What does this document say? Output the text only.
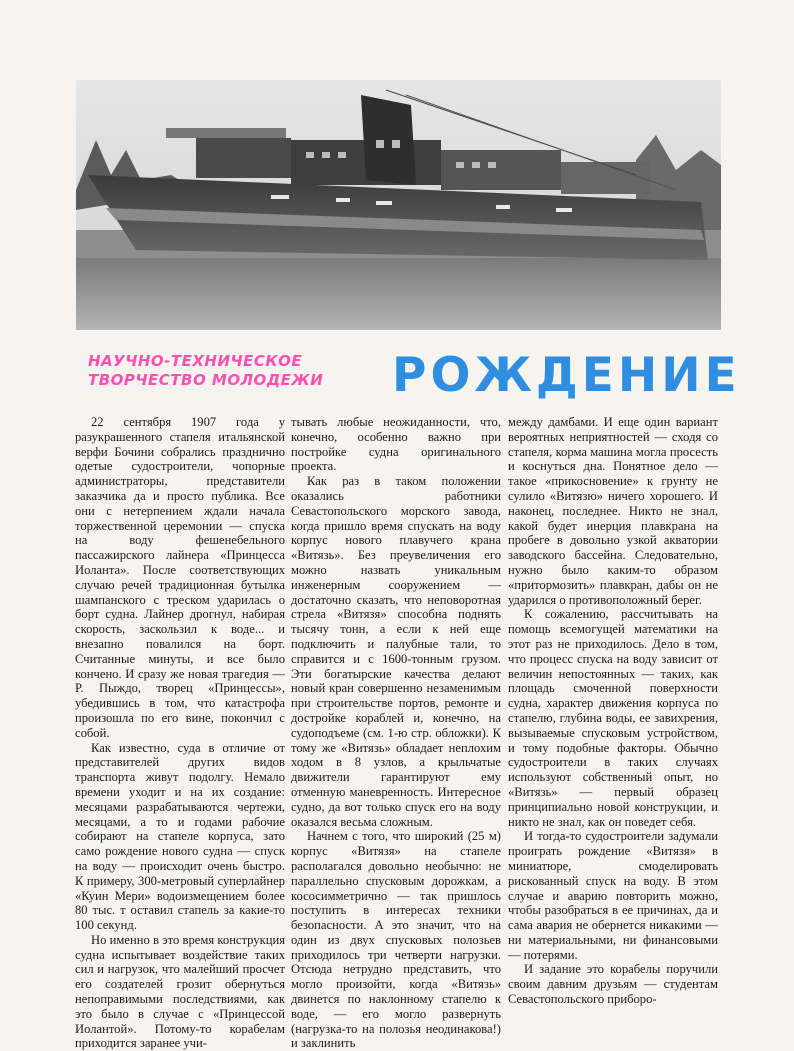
НАУЧНО-ТЕХНИЧЕСКОЕ
ТВОРЧЕСТВО МОЛОДЕЖИ	РОЖДЕНИЕ

22 сентября 1907 года у разукрашенного стапеля итальянской верфи Бочини собрались празднично одетые судостроители, чопорные администраторы, представители заказчика да и просто публика. Все они с нетерпением ждали начала торжественной церемонии — спуска на воду фешенебельного пассажирского лайнера «Принцесса Иоланта». После соответствующих случаю речей традиционная бутылка шампанского с треском ударилась о борт судна. Лайнер дрогнул, набирая скорость, заскользил к воде... и внезапно повалился на борт. Считанные минуты, и все было кончено. И сразу же новая трагедия — Р. Пыждо, творец «Принцессы», убедившись в том, что катастрофа произошла по его вине, покончил с собой.

Как известно, суда в отличие от представителей других видов транспорта живут подолгу. Немало времени уходит и на их создание: месяцами разрабатываются чертежи, месяцами, а то и годами рабочие собирают на стапеле корпуса, зато само рождение нового судна — спуск на воду — происходит очень быстро. К примеру, 300-метровый суперлайнер «Куин Мери» водоизмещением более 80 тыс. т оставил стапель за какие-то 100 секунд.

Но именно в это время конструкция судна испытывает воздействие таких сил и нагрузок, что малейший просчет его создателей грозит обернуться непоправимыми последствиями, как это было в случае с «Принцессой Иолантой». Потому-то корабелам приходится заранее учи-

тывать любые неожиданности, что, конечно, особенно важно при постройке судна оригинального проекта.

Как раз в таком положении оказались работники Севастопольского морского завода, когда пришло время спускать на воду корпус нового плавучего крана «Витязь». Без преувеличения его можно назвать уникальным инженерным сооружением — достаточно сказать, что неповоротная стрела «Витязя» способна поднять тысячу тонн, а если к ней еще подключить и палубные тали, то справится и с 1600-тонным грузом. Эти богатырские качества делают новый кран совершенно незаменимым при строительстве портов, ремонте и достройке кораблей и, конечно, на судоподъеме (см. 1-ю стр. обложки). К тому же «Витязь» обладает неплохим ходом в 8 узлов, а крыльчатые движители гарантируют ему отменную маневренность. Интересное судно, да вот только спуск его на воду оказался весьма сложным.

Начнем с того, что широкий (25 м) корпус «Витязя» на стапеле располагался довольно необычно: не параллельно спусковым дорожкам, а кососимметрично — так пришлось поступить в интересах техники безопасности. А это значит, что на один из двух спусковых полозьев приходилось три четверти нагрузки. Отсюда нетрудно представить, что могло произойти, когда «Витязь» двинется по наклонному стапелю к воде, — его могло развернуть (нагрузка-то на полозья неодинакова!) и заклинить

между дамбами. И еще один вариант вероятных неприятностей — сходя со стапеля, корма машина могла просесть и коснуться дна. Понятное дело — такое «прикосновение» к грунту не сулило «Витязю» ничего хорошего. И наконец, последнее. Никто не знал, какой будет инерция плавкрана на пробеге в довольно узкой акватории заводского бассейна. Следовательно, нужно было каким-то образом «притормозить» плавкран, дабы он не ударился о противоположный берег.

К сожалению, рассчитывать на помощь всемогущей математики на этот раз не приходилось. Дело в том, что процесс спуска на воду зависит от величин непостоянных — таких, как площадь смоченной поверхности судна, характер движения корпуса по стапелю, глубина воды, ее завихрения, вызываемые спусковым устройством, и тому подобные факторы. Обычно судостроители в таких случаях используют собственный опыт, но «Витязь» — первый образец принципиально новой конструкции, и никто не знал, как он поведет себя.

И тогда-то судостроители задумали проиграть рождение «Витязя» в миниатюре, смоделировать рискованный спуск на воду. В этом случае и аварию повторить можно, чтобы разобраться в ее причинах, да и сама авария не обернется никакими — ни материальными, ни финансовыми — потерями.

И задание это корабелы поручили своим давним друзьям — студентам Севастопольского приборо-
